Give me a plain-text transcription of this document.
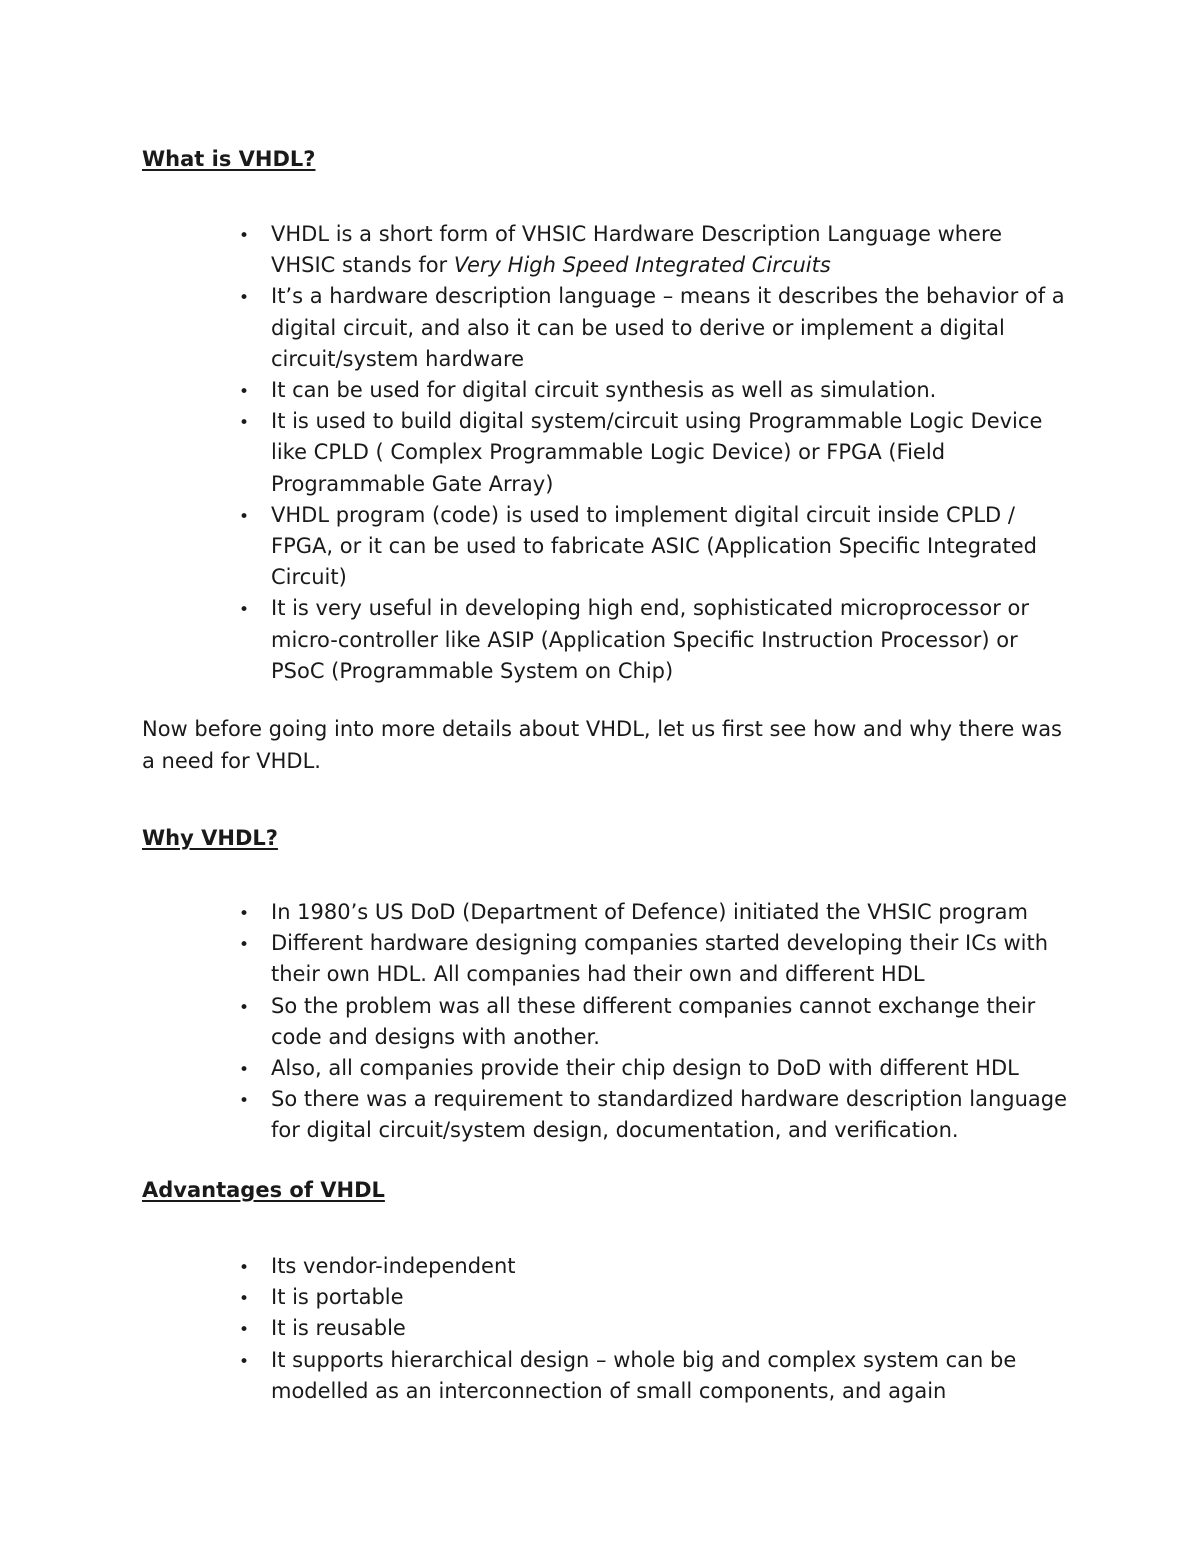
What is VHDL?
•
VHDL is a short form of VHSIC Hardware Description Language where
VHSIC stands for Very High Speed Integrated Circuits
•
It’s a hardware description language – means it describes the behavior of a
digital circuit, and also it can be used to derive or implement a digital
circuit/system hardware
•
It can be used for digital circuit synthesis as well as simulation.
•
It is used to build digital system/circuit using Programmable Logic Device
like CPLD ( Complex Programmable Logic Device) or FPGA (Field
Programmable Gate Array)
•
VHDL program (code) is used to implement digital circuit inside CPLD /
FPGA, or it can be used to fabricate ASIC (Application Specific Integrated
Circuit)
•
It is very useful in developing high end, sophisticated microprocessor or
micro-controller like ASIP (Application Specific Instruction Processor) or
PSoC (Programmable System on Chip)

Now before going into more details about VHDL, let us first see how and why there was
a need for VHDL.

Why VHDL?
•
In 1980’s US DoD (Department of Defence) initiated the VHSIC program
•
Different hardware designing companies started developing their ICs with
their own HDL. All companies had their own and different HDL
•
So the problem was all these different companies cannot exchange their
code and designs with another.
•
Also, all companies provide their chip design to DoD with different HDL
•
So there was a requirement to standardized hardware description language
for digital circuit/system design, documentation, and verification.
Advantages of VHDL
•
Its vendor-independent
•
It is portable
•
It is reusable
•
It supports hierarchical design – whole big and complex system can be
modelled as an interconnection of small components, and again
